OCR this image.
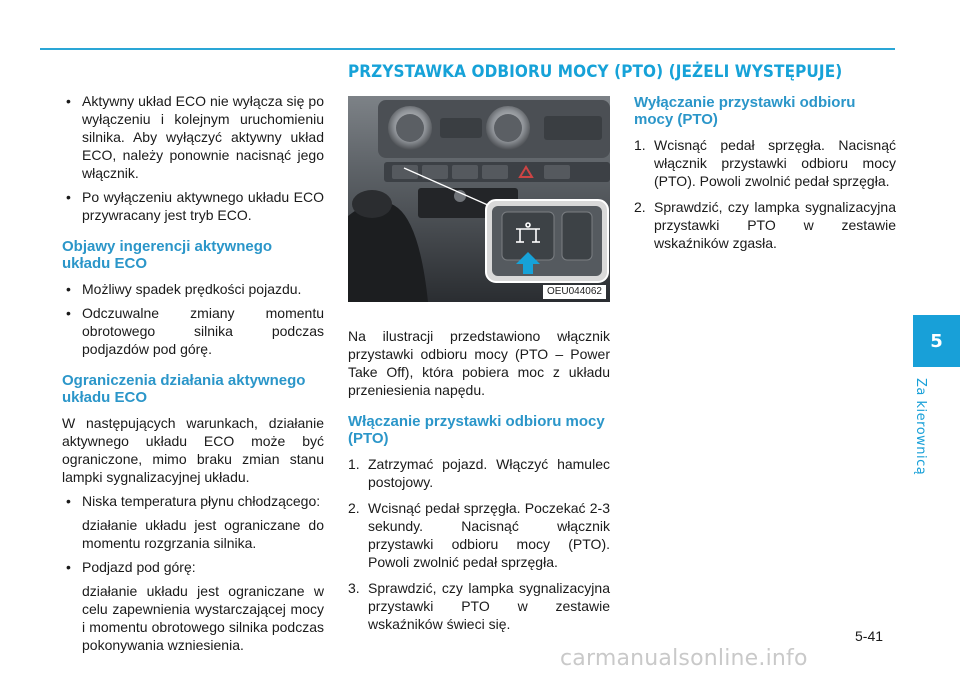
PRZYSTAWKA ODBIORU MOCY (PTO) (JEŻELI WYSTĘPUJE)
• Aktywny układ ECO nie wyłącza się po wyłączeniu i kolejnym uruchomieniu silnika. Aby wyłączyć aktywny układ ECO, należy ponownie nacisnąć jego włącznik.
• Po wyłączeniu aktywnego układu ECO przywracany jest tryb ECO.
Objawy ingerencji aktywnego układu ECO
• Możliwy spadek prędkości pojazdu.
• Odczuwalne zmiany momentu obrotowego silnika podczas podjazdów pod górę.
Ograniczenia działania aktywnego układu ECO
W następujących warunkach, działanie aktywnego układu ECO może być ograniczone, mimo braku zmian stanu lampki sygnalizacyjnej układu.
• Niska temperatura płynu chłodzącego:
działanie układu jest ograniczane do momentu rozgrzania silnika.
• Podjazd pod górę:
działanie układu jest ograniczane w celu zapewnienia wystarczającej mocy i momentu obrotowego silnika podczas pokonywania wzniesienia.
OEU044062
Na ilustracji przedstawiono włącznik przystawki odbioru mocy (PTO – Power Take Off), która pobiera moc z układu przeniesienia napędu.
Włączanie przystawki odbioru mocy (PTO)
1. Zatrzymać pojazd. Włączyć hamulec postojowy.
2. Wcisnąć pedał sprzęgła. Poczekać 2-3 sekundy. Nacisnąć włącznik przystawki odbioru mocy (PTO). Powoli zwolnić pedał sprzęgła.
3. Sprawdzić, czy lampka sygnalizacyjna przystawki PTO w zestawie wskaźników świeci się.
Wyłączanie przystawki odbioru mocy (PTO)
1. Wcisnąć pedał sprzęgła. Nacisnąć włącznik przystawki odbioru mocy (PTO). Powoli zwolnić pedał sprzęgła.
2. Sprawdzić, czy lampka sygnalizacyjna przystawki PTO w zestawie wskaźników zgasła.
5
Za kierownicą
5-41
carmanualsonline.info
